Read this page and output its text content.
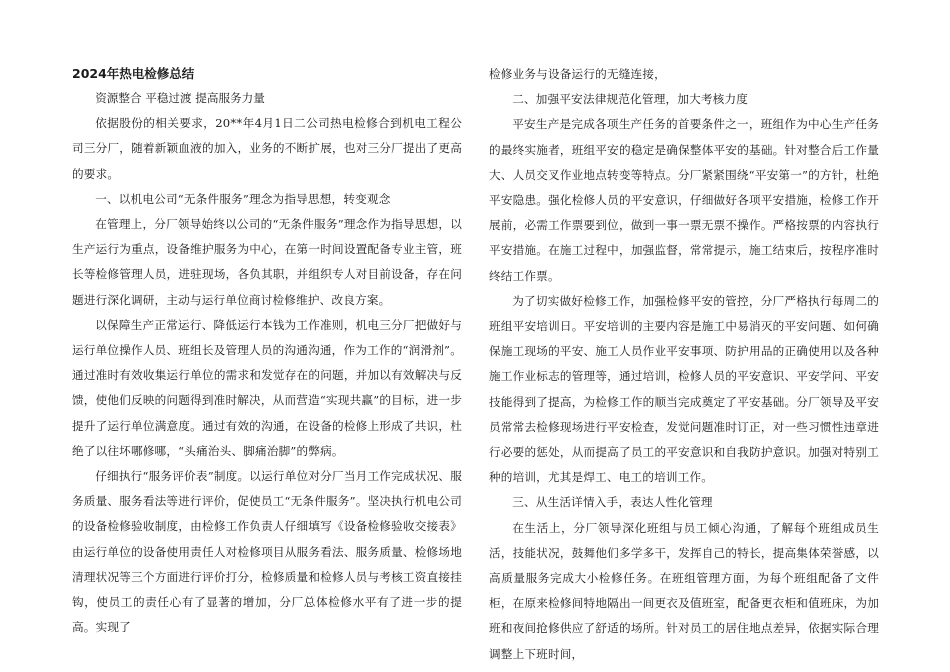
2024年热电检修总结
资源整合 平稳过渡 提高服务力量

依据股份的相关要求，20**年4月1日二公司热电检修合到机电工程公司三分厂，随着新颖血液的加入，业务的不断扩展，也对三分厂提出了更高的要求。

一、以机电公司“无条件服务”理念为指导思想，转变观念

在管理上，分厂领导始终以公司的“无条件服务”理念作为指导思想，以生产运行为重点，设备维护服务为中心，在第一时间设置配备专业主管，班长等检修管理人员，进驻现场，各负其职，并组织专人对目前设备，存在问题进行深化调研，主动与运行单位商讨检修维护、改良方案。

以保障生产正常运行、降低运行本钱为工作准则，机电三分厂把做好与运行单位操作人员、班组长及管理人员的沟通沟通，作为工作的“润滑剂”。通过准时有效收集运行单位的需求和发觉存在的问题，并加以有效解决与反馈，使他们反映的问题得到准时解决，从而营造“实现共赢”的目标，进一步提升了运行单位满意度。通过有效的沟通，在设备的检修上形成了共识，杜绝了以往坏哪修哪，“头痛治头、脚痛治脚”的弊病。

仔细执行“服务评价表”制度。以运行单位对分厂当月工作完成状况、服务质量、服务看法等进行评价，促使员工“无条件服务”。坚决执行机电公司的设备检修验收制度，由检修工作负责人仔细填写《设备检修验收交接表》由运行单位的设备使用责任人对检修项目从服务看法、服务质量、检修场地清理状况等三个方面进行评价打分，检修质量和检修人员与考核工资直接挂钩，使员工的责任心有了显著的增加，分厂总体检修水平有了进一步的提高。实现了

检修业务与设备运行的无缝连接，

二、加强平安法律规范化管理，加大考核力度

平安生产是完成各项生产任务的首要条件之一，班组作为中心生产任务的最终实施者，班组平安的稳定是确保整体平安的基础。针对整合后工作量大、人员交叉作业地点转变等特点。分厂紧紧围绕“平安第一”的方针，杜绝平安隐患。强化检修人员的平安意识，仔细做好各项平安措施，检修工作开展前，必需工作票要到位，做到一事一票无票不操作。严格按票的内容执行平安措施。在施工过程中，加强监督，常常提示，施工结束后，按程序准时终结工作票。

为了切实做好检修工作，加强检修平安的管控，分厂严格执行每周二的班组平安培训日。平安培训的主要内容是施工中易消灭的平安问题、如何确保施工现场的平安、施工人员作业平安事项、防护用品的正确使用以及各种施工作业标志的管理等，通过培训，检修人员的平安意识、平安学问、平安技能得到了提高，为检修工作的顺当完成奠定了平安基础。分厂领导及平安员常常去检修现场进行平安检查，发觉问题准时订正，对一些习惯性违章进行必要的惩处，从而提高了员工的平安意识和自我防护意识。加强对特别工种的培训，尤其是焊工、电工的培训工作。

三、从生活详情入手，表达人性化管理

在生活上，分厂领导深化班组与员工倾心沟通，了解每个班组成员生活，技能状况，鼓舞他们多学多干，发挥自己的特长，提高集体荣誉感，以高质量服务完成大小检修任务。在班组管理方面，为每个班组配备了文件柜，在原来检修间特地隔出一间更衣及值班室，配备更衣柜和值班床，为加班和夜间抢修供应了舒适的场所。针对员工的居住地点差异，依据实际合理调整上下班时间，
